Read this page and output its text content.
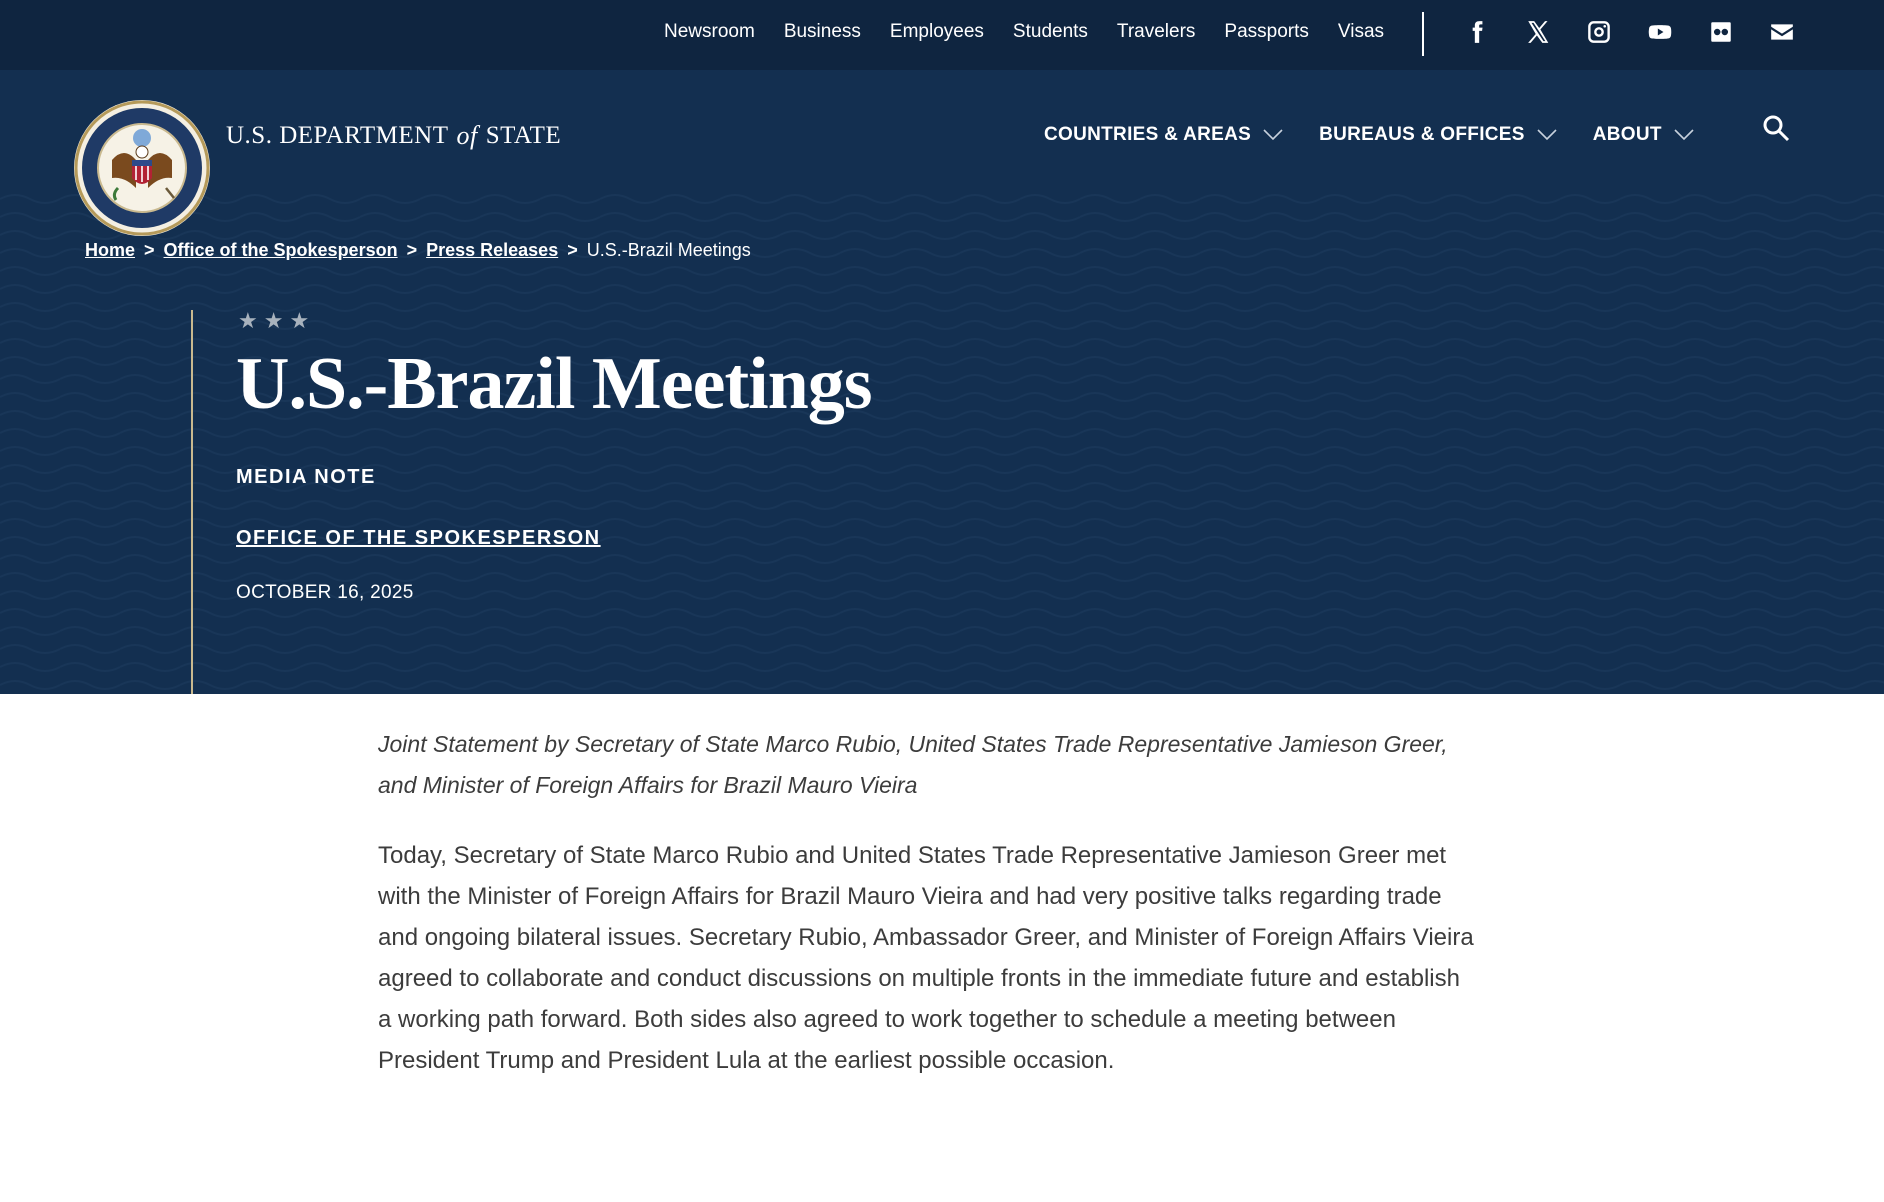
Newsroom Business Employees Students Travelers Passports Visas
U.S. DEPARTMENT of STATE	COUNTRIES & AREAS	BUREAUS & OFFICES	ABOUT
Home > Office of the Spokesperson > Press Releases > U.S.-Brazil Meetings
★★★
U.S.-Brazil Meetings
MEDIA NOTE
OFFICE OF THE SPOKESPERSON
OCTOBER 16, 2025

Joint Statement by Secretary of State Marco Rubio, United States Trade Representative Jamieson Greer, and Minister of Foreign Affairs for Brazil Mauro Vieira

Today, Secretary of State Marco Rubio and United States Trade Representative Jamieson Greer met with the Minister of Foreign Affairs for Brazil Mauro Vieira and had very positive talks regarding trade and ongoing bilateral issues. Secretary Rubio, Ambassador Greer, and Minister of Foreign Affairs Vieira agreed to collaborate and conduct discussions on multiple fronts in the immediate future and establish a working path forward. Both sides also agreed to work together to schedule a meeting between President Trump and President Lula at the earliest possible occasion.
